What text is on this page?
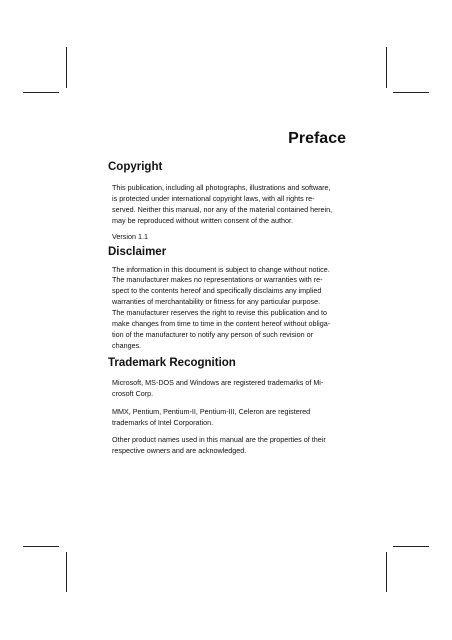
Preface
Copyright

This publication, including all photographs, illustrations and software,
is protected under international copyright laws, with all rights re-
served. Neither this manual, nor any of the material contained herein,
may be reproduced without written consent of the author.

Version 1.1

Disclaimer

The information in this document is subject to change without notice.
The manufacturer makes no representations or warranties with re-
spect to the contents hereof and specifically disclaims any implied
warranties of merchantability or fitness for any particular purpose.
The manufacturer reserves the right to revise this publication and to
make changes from time to time in the content hereof without obliga-
tion of the manufacturer to notify any person of such revision or
changes.

Trademark Recognition

Microsoft, MS-DOS and Windows are registered trademarks of Mi-
crosoft Corp.

MMX, Pentium, Pentium-II, Pentium-III, Celeron are registered
trademarks of Intel Corporation.

Other product names used in this manual are the properties of their
respective owners and are acknowledged.
